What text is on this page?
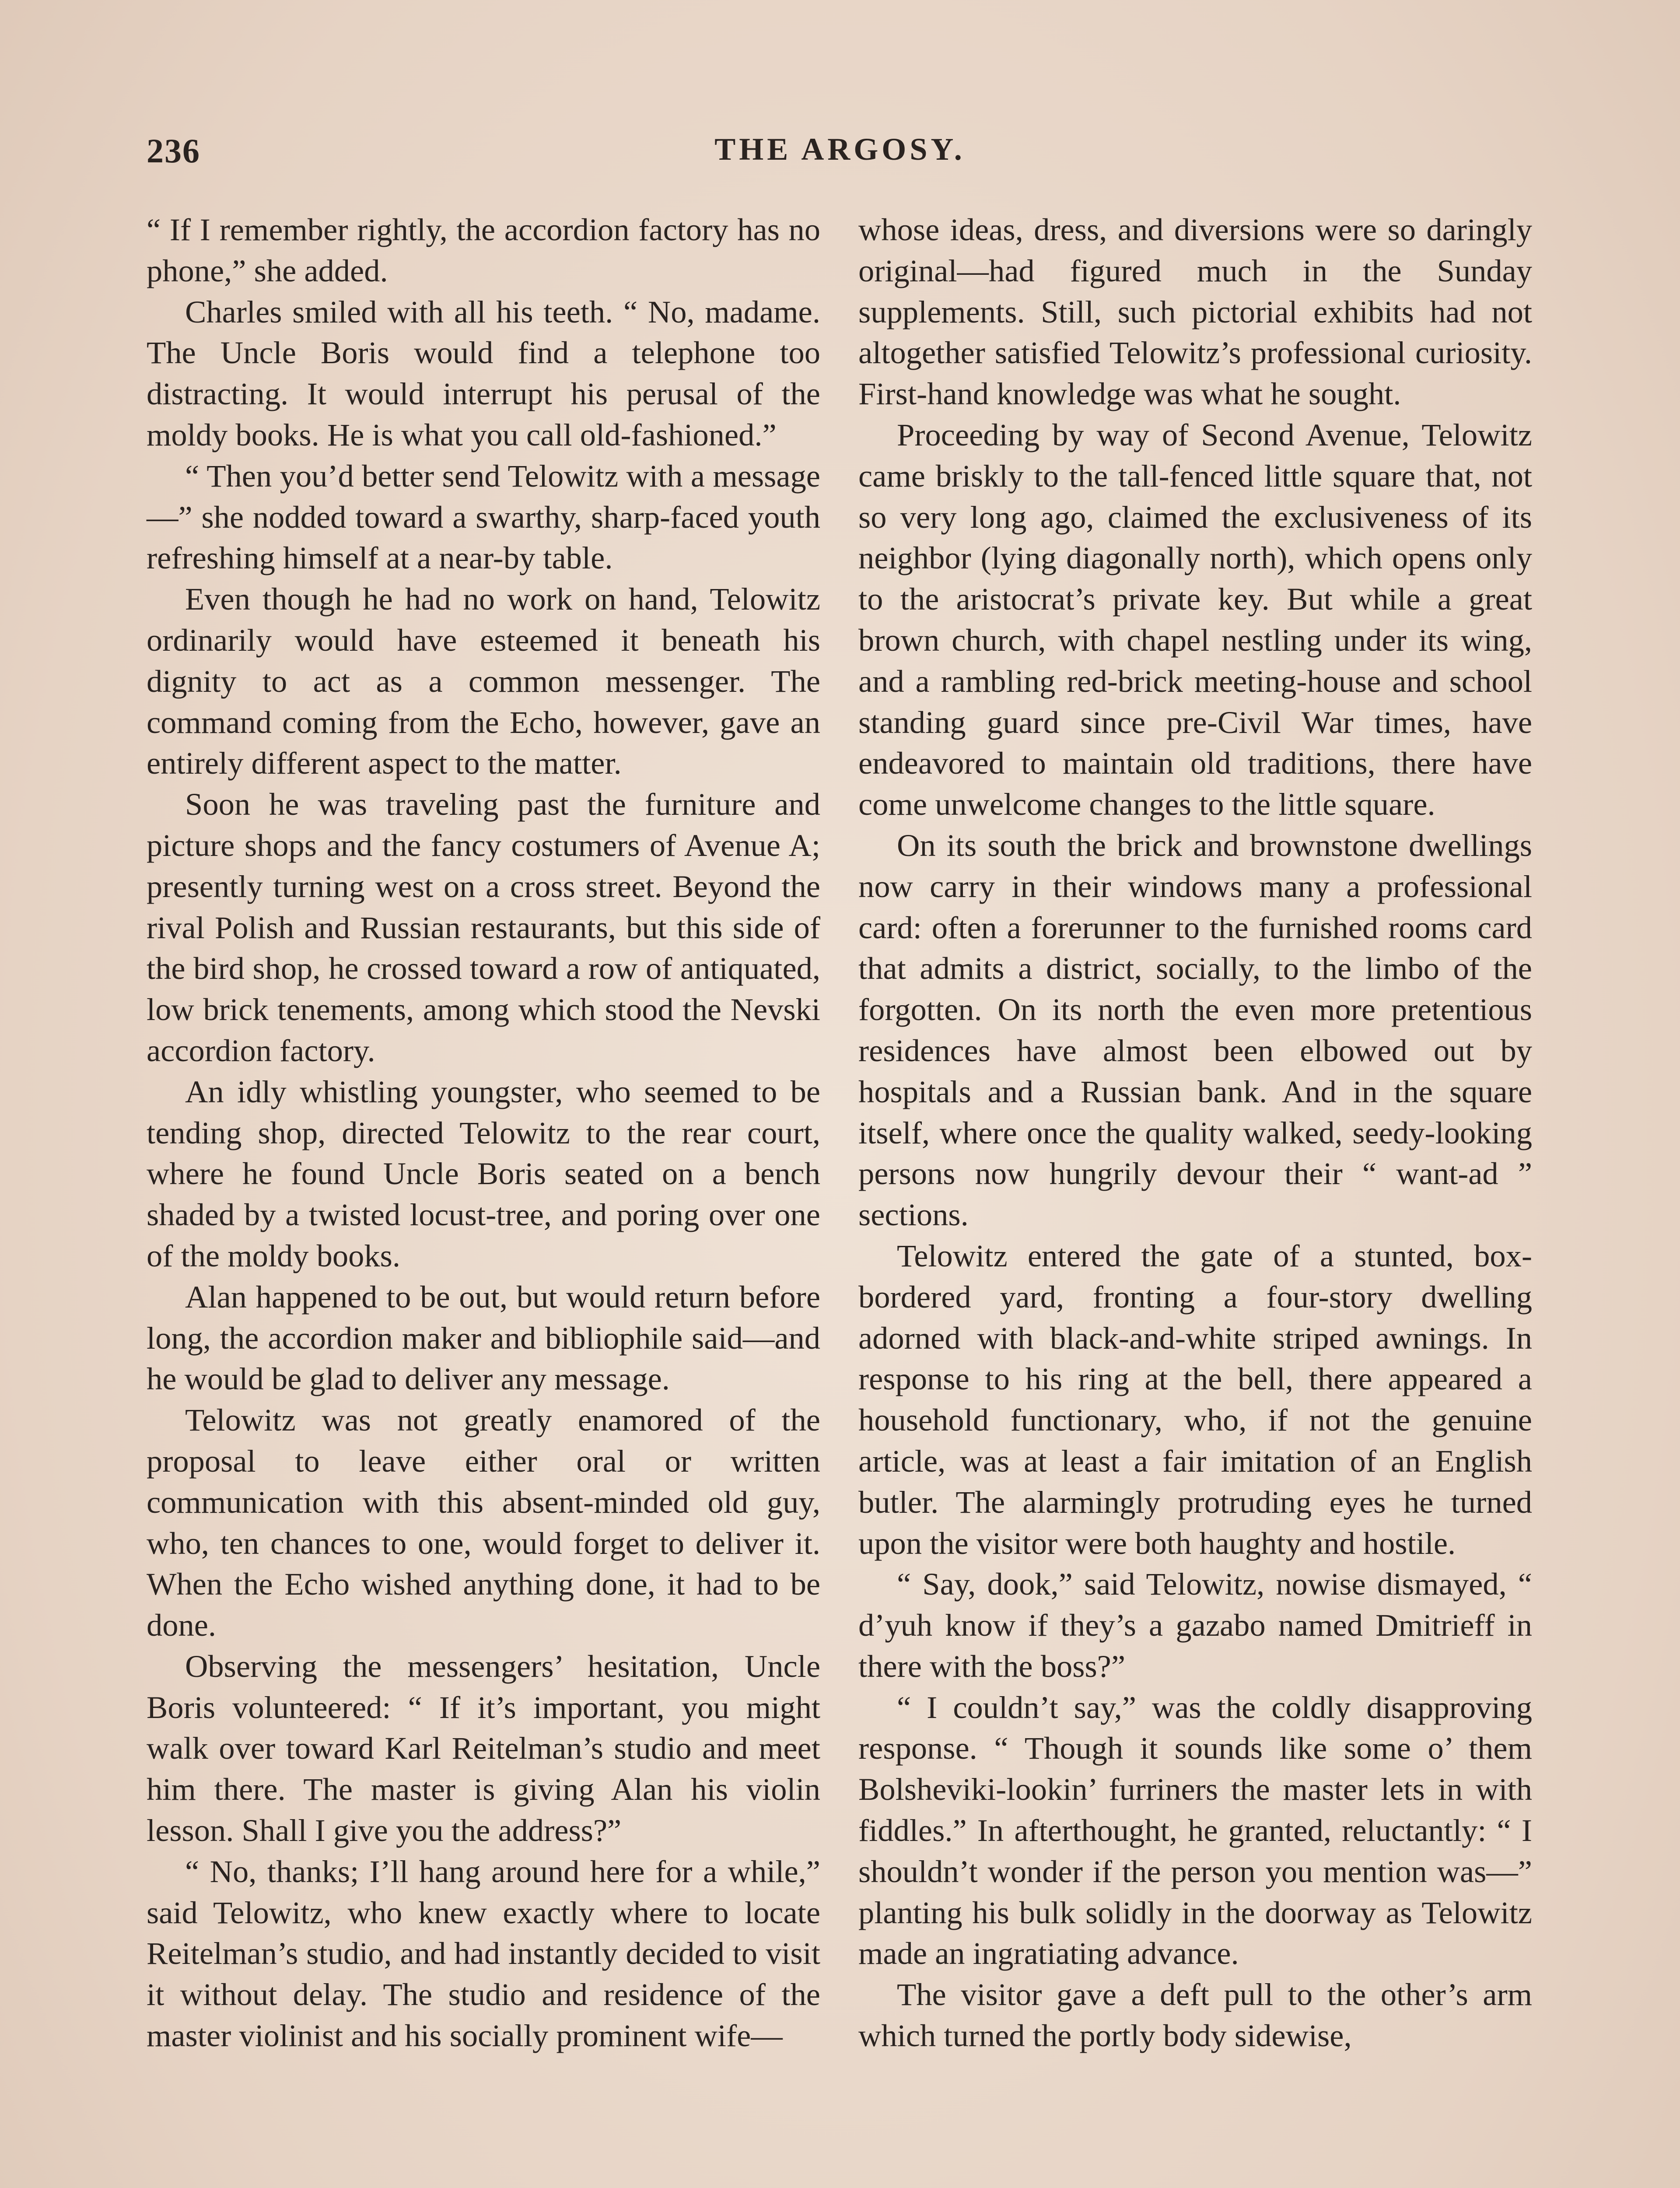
236	THE ARGOSY.

“ If I remember rightly, the accordion factory has no phone,” she added.

Charles smiled with all his teeth. “ No, madame. The Uncle Boris would find a telephone too distracting. It would interrupt his perusal of the moldy books. He is what you call old-fashioned.”

“ Then you’d better send Telowitz with a message—” she nodded toward a swarthy, sharp-faced youth refreshing himself at a near-by table.

Even though he had no work on hand, Telowitz ordinarily would have esteemed it beneath his dignity to act as a common messenger. The command coming from the Echo, however, gave an entirely different aspect to the matter.

Soon he was traveling past the furniture and picture shops and the fancy costumers of Avenue A; presently turning west on a cross street. Beyond the rival Polish and Russian restaurants, but this side of the bird shop, he crossed toward a row of antiquated, low brick tenements, among which stood the Nevski accordion factory.

An idly whistling youngster, who seemed to be tending shop, directed Telowitz to the rear court, where he found Uncle Boris seated on a bench shaded by a twisted locust-tree, and poring over one of the moldy books.

Alan happened to be out, but would return before long, the accordion maker and bibliophile said—and he would be glad to deliver any message.

Telowitz was not greatly enamored of the proposal to leave either oral or written communication with this absent-minded old guy, who, ten chances to one, would forget to deliver it. When the Echo wished anything done, it had to be done.

Observing the messengers’ hesitation, Uncle Boris volunteered: “ If it’s important, you might walk over toward Karl Reitelman’s studio and meet him there. The master is giving Alan his violin lesson. Shall I give you the address?”

“ No, thanks; I’ll hang around here for a while,” said Telowitz, who knew exactly where to locate Reitelman’s studio, and had instantly decided to visit it without delay. The studio and residence of the master violinist and his socially prominent wife—

whose ideas, dress, and diversions were so daringly original—had figured much in the Sunday supplements. Still, such pictorial exhibits had not altogether satisfied Telowitz’s professional curiosity. First-hand knowledge was what he sought.

Proceeding by way of Second Avenue, Telowitz came briskly to the tall-fenced little square that, not so very long ago, claimed the exclusiveness of its neighbor (lying diagonally north), which opens only to the aristocrat’s private key. But while a great brown church, with chapel nestling under its wing, and a rambling red-brick meeting-house and school standing guard since pre-Civil War times, have endeavored to maintain old traditions, there have come unwelcome changes to the little square.

On its south the brick and brownstone dwellings now carry in their windows many a professional card: often a forerunner to the furnished rooms card that admits a district, socially, to the limbo of the forgotten. On its north the even more pretentious residences have almost been elbowed out by hospitals and a Russian bank. And in the square itself, where once the quality walked, seedy-looking persons now hungrily devour their “ want-ad ” sections.

Telowitz entered the gate of a stunted, box-bordered yard, fronting a four-story dwelling adorned with black-and-white striped awnings. In response to his ring at the bell, there appeared a household functionary, who, if not the genuine article, was at least a fair imitation of an English butler. The alarmingly protruding eyes he turned upon the visitor were both haughty and hostile.

“ Say, dook,” said Telowitz, nowise dismayed, “ d’yuh know if they’s a gazabo named Dmitrieff in there with the boss?”

“ I couldn’t say,” was the coldly disapproving response. “ Though it sounds like some o’ them Bolsheviki-lookin’ furriners the master lets in with fiddles.” In afterthought, he granted, reluctantly: “ I shouldn’t wonder if the person you mention was—” planting his bulk solidly in the doorway as Telowitz made an ingratiating advance.

The visitor gave a deft pull to the other’s arm which turned the portly body sidewise,
